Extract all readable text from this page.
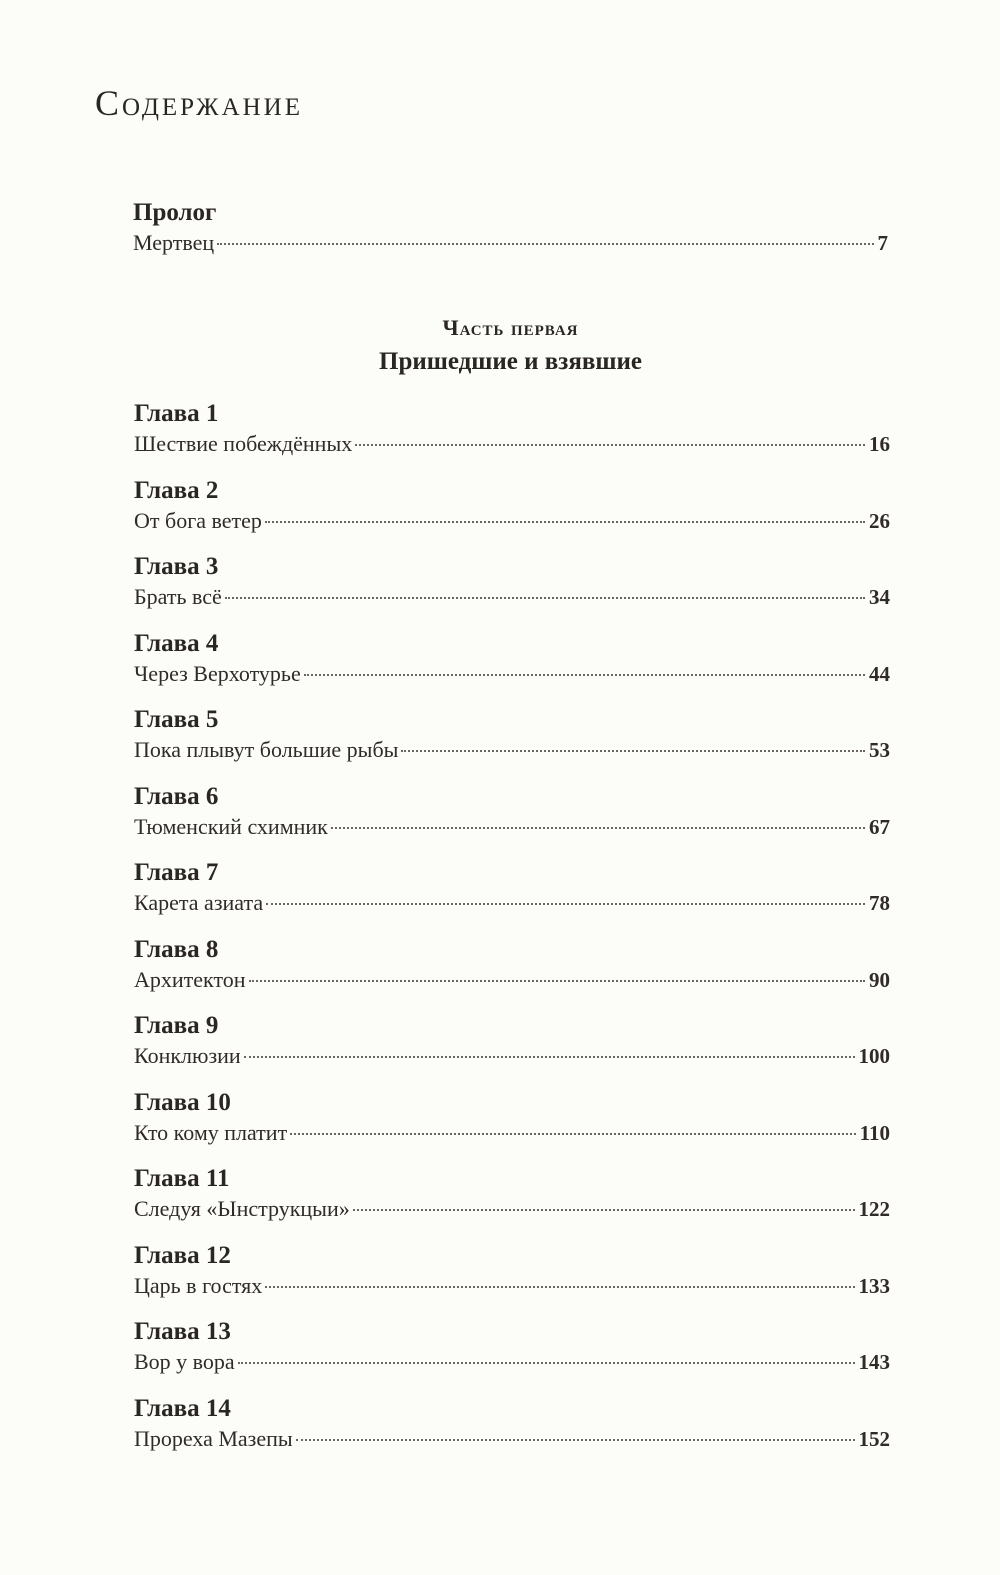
Содержание
Пролог
Мертвец	7
Часть первая
Пришедшие и взявшие
Глава 1
Шествие побеждённых	16
Глава 2
От бога ветер	26
Глава 3
Брать всё	34
Глава 4
Через Верхотурье	44
Глава 5
Пока плывут большие рыбы	53
Глава 6
Тюменский схимник	67
Глава 7
Карета азиата	78
Глава 8
Архитектон	90
Глава 9
Конклюзии	100
Глава 10
Кто кому платит	110
Глава 11
Следуя «Ынструкцыи»	122
Глава 12
Царь в гостях	133
Глава 13
Вор у вора	143
Глава 14
Прореха Мазепы	152
